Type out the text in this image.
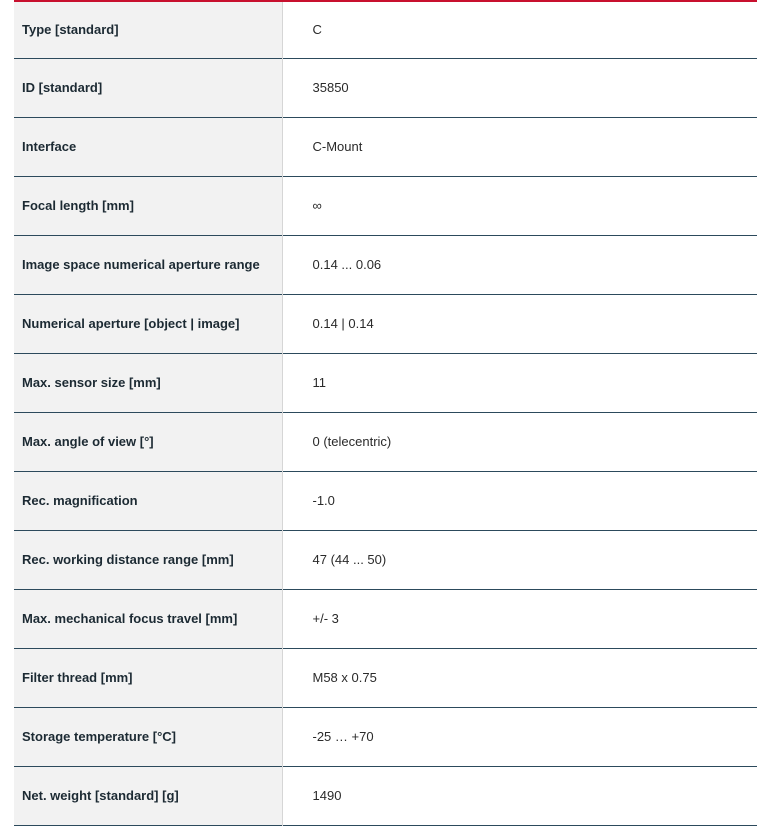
Type [standard]	C
ID [standard]	35850
Interface	C-Mount
Focal length [mm]	∞
Image space numerical aperture range	0.14 ... 0.06
Numerical aperture [object | image]	0.14 | 0.14
Max. sensor size [mm]	11
Max. angle of view [°]	0 (telecentric)
Rec. magnification	-1.0
Rec. working distance range [mm]	47 (44 ... 50)
Max. mechanical focus travel [mm]	+/- 3
Filter thread [mm]	M58 x 0.75
Storage temperature [°C]	-25 … +70
Net. weight [standard] [g]	1490
